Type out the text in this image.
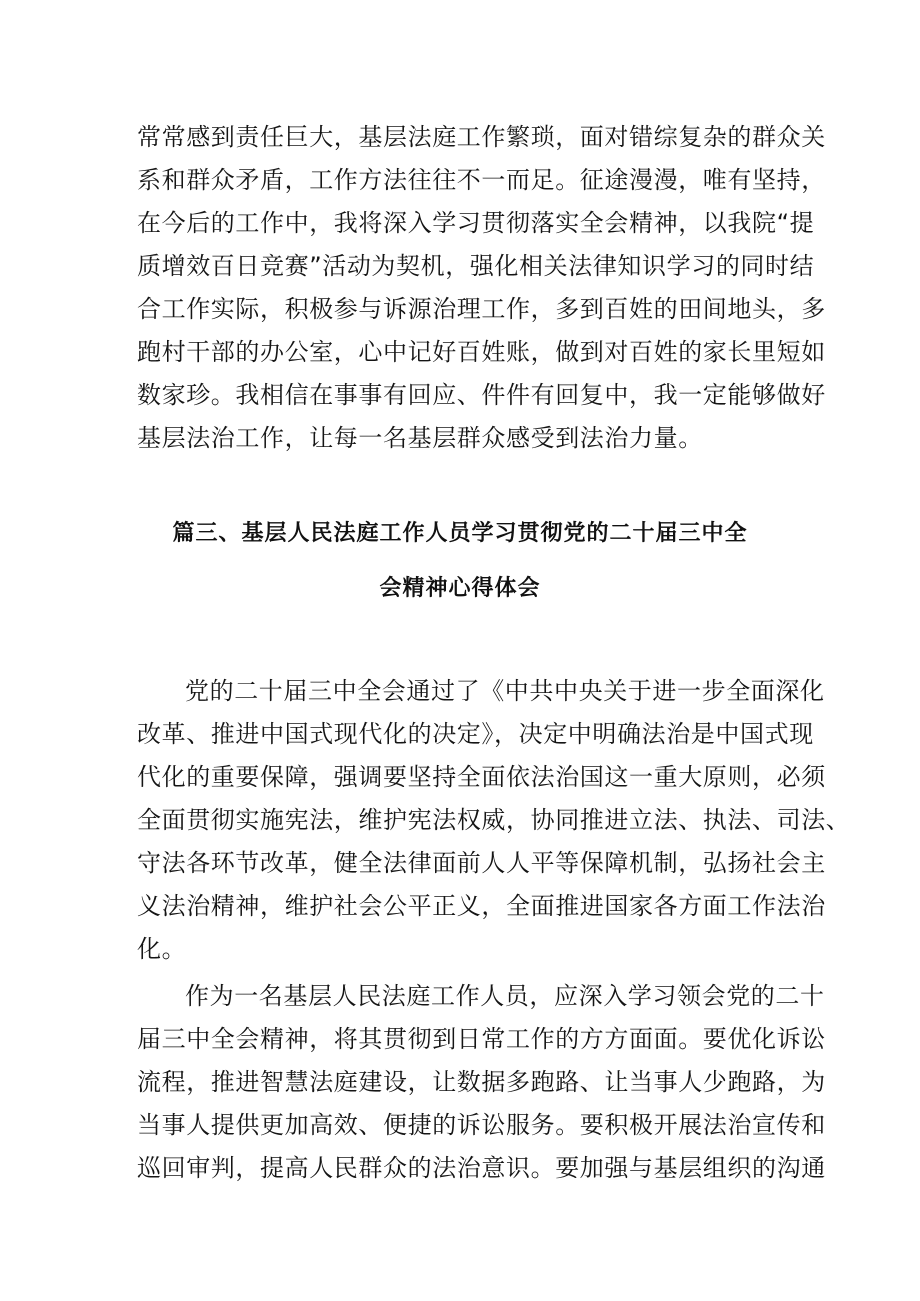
常常感到责任巨大，基层法庭工作繁琐，面对错综复杂的群众关
系和群众矛盾，工作方法往往不一而足。征途漫漫，唯有坚持，
在今后的工作中，我将深入学习贯彻落实全会精神，以我院“提
质增效百日竞赛”活动为契机，强化相关法律知识学习的同时结
合工作实际，积极参与诉源治理工作，多到百姓的田间地头，多
跑村干部的办公室，心中记好百姓账，做到对百姓的家长里短如
数家珍。我相信在事事有回应、件件有回复中，我一定能够做好
基层法治工作，让每一名基层群众感受到法治力量。
篇三、基层人民法庭工作人员学习贯彻党的二十届三中全
会精神心得体会
党的二十届三中全会通过了《中共中央关于进一步全面深化
改革、推进中国式现代化的决定》，决定中明确法治是中国式现
代化的重要保障，强调要坚持全面依法治国这一重大原则，必须
全面贯彻实施宪法，维护宪法权威，协同推进立法、执法、司法、
守法各环节改革，健全法律面前人人平等保障机制，弘扬社会主
义法治精神，维护社会公平正义，全面推进国家各方面工作法治
化。
作为一名基层人民法庭工作人员，应深入学习领会党的二十
届三中全会精神，将其贯彻到日常工作的方方面面。要优化诉讼
流程，推进智慧法庭建设，让数据多跑路、让当事人少跑路，为
当事人提供更加高效、便捷的诉讼服务。要积极开展法治宣传和
巡回审判，提高人民群众的法治意识。要加强与基层组织的沟通
